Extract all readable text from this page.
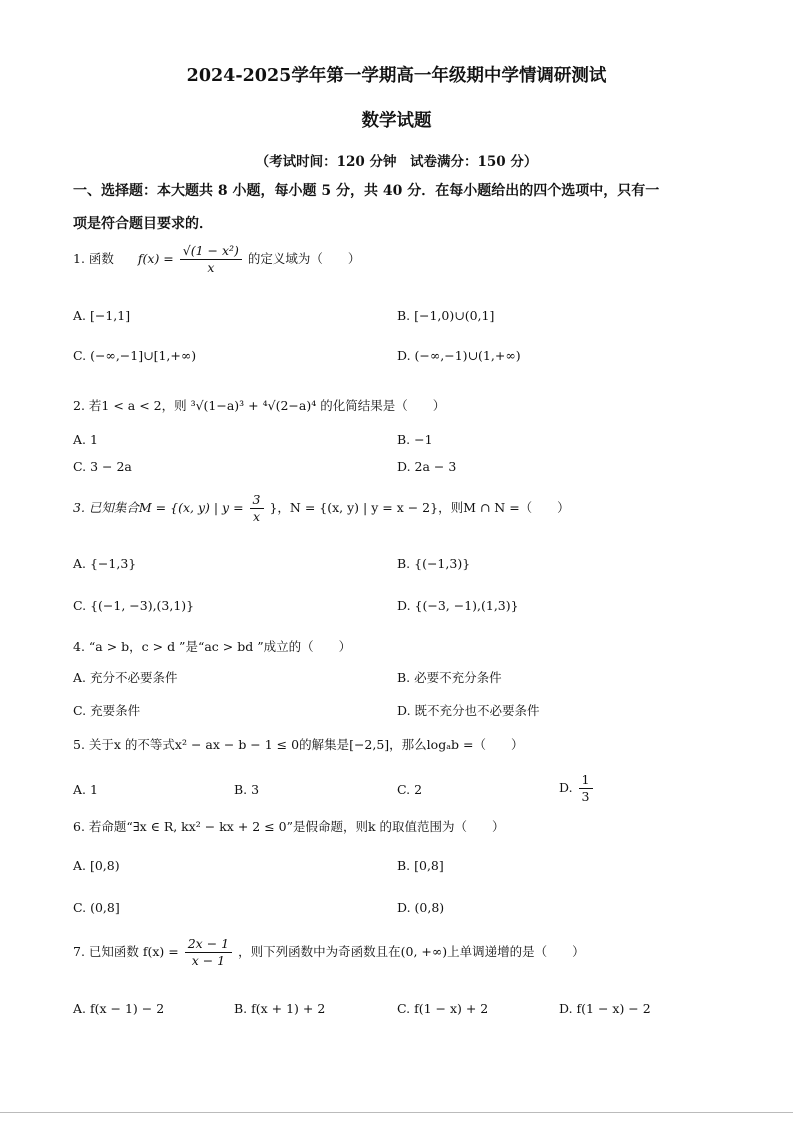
2024-2025学年第一学期高一年级期中学情调研测试
数学试题
（考试时间：120 分钟　试卷满分：150 分）
一、选择题：本大题共 8 小题，每小题 5 分，共 40 分．在每小题给出的四个选项中，只有一
项是符合题目要求的．
1. 函数 $f(x) = \frac{\text{√(1 − x²)}}{x}$ 的定义域为（　　）
A. [−1,1]	B. [−1,0)∪(0,1]
C. (−∞,−1]∪[1,+∞)	D. (−∞,−1)∪(1,+∞)
2. 若1 < a < 2，则 ³√(1−a)³ + ⁴√(2−a)⁴ 的化简结果是（　　）
A. 1	B. −1
C. 3 − 2a	D. 2a − 3
3. 已知集合M = {(x, y) | $y = \frac{3}{x}$ }，N = {(x, y) | y = x − 2}，则M ∩ N =（　　）
A. {−1,3}	B. {(−1,3)}
C. {(−1, −3),(3,1)}	D. {(−3, −1),(1,3)}
4. “a > b，c > d ”是“ac > bd ”成立的（　　）
A. 充分不必要条件	B. 必要不充分条件
C. 充要条件	D. 既不充分也不必要条件
5. 关于x 的不等式x² − ax − b − 1 ≤ 0的解集是[−2,5]，那么logₐb =（　　）
A. 1	B. 3	C. 2	D. $\frac{1}{3}$
6. 若命题“∃x ∈ R, kx² − kx + 2 ≤ 0”是假命题，则k 的取值范围为（　　）
A. [0,8)	B. [0,8]
C. (0,8]	D. (0,8)
7. 已知函数 $f(x) = \frac{2x - 1}{x - 1}$ ，则下列函数中为奇函数且在(0, +∞)上单调递增的是（　　）
A. f(x − 1) − 2	B. f(x + 1) + 2	C. f(1 − x) + 2	D. f(1 − x) − 2
